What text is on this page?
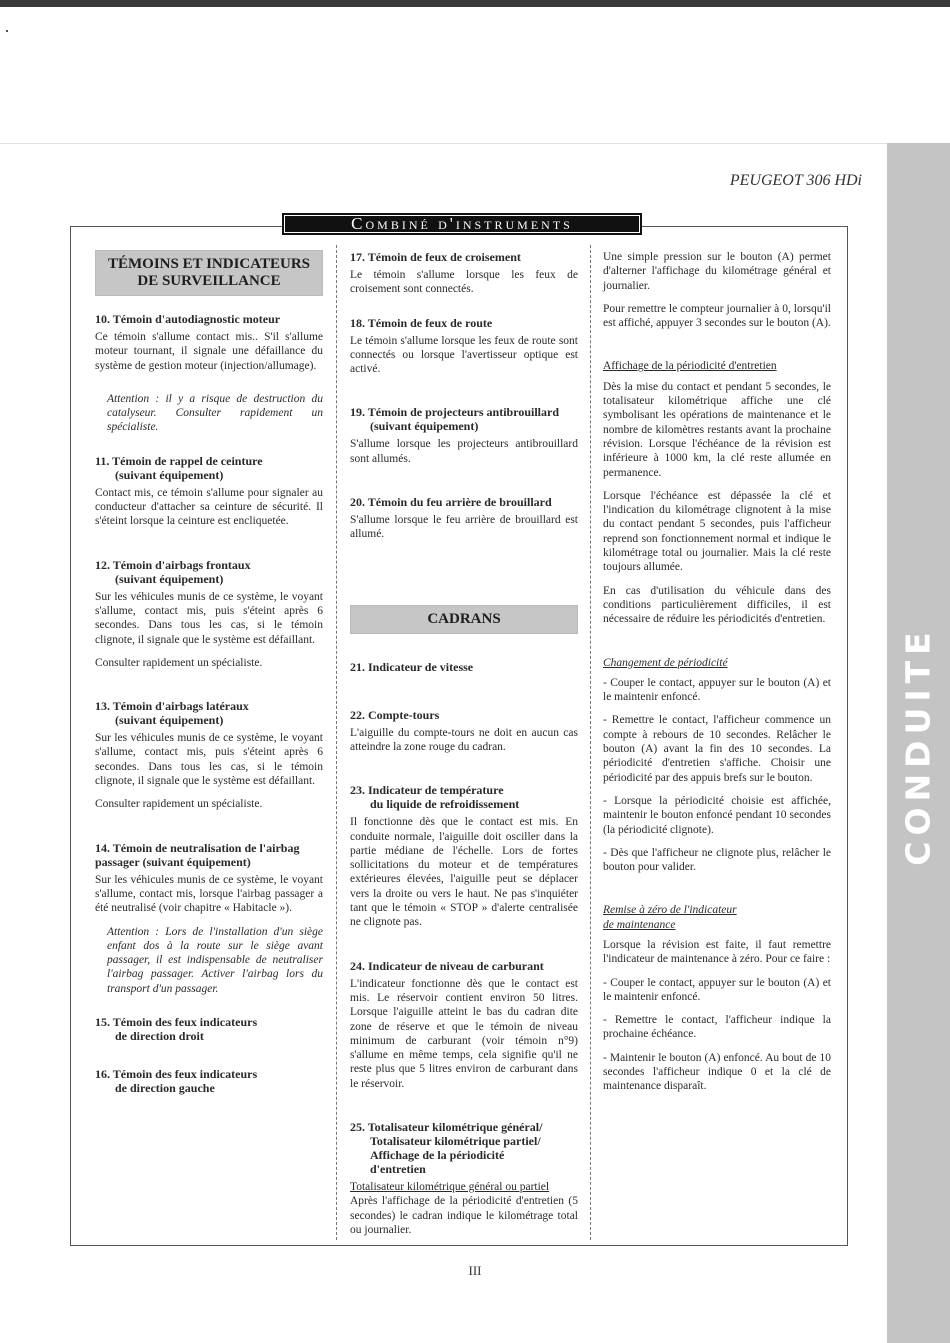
PEUGEOT 306 HDi
Combiné d'instruments
TÉMOINS ET INDICATEURS DE SURVEILLANCE
10. Témoin d'autodiagnostic moteur

Ce témoin s'allume contact mis.. S'il s'allume moteur tournant, il signale une défaillance du système de gestion moteur (injection/allumage).

Attention : il y a risque de destruction du catalyseur. Consulter rapidement un spécialiste.

11. Témoin de rappel de ceinture
(suivant équipement)

Contact mis, ce témoin s'allume pour signaler au conducteur d'attacher sa ceinture de sécurité. Il s'éteint lorsque la ceinture est encliquetée.

12. Témoin d'airbags frontaux
(suivant équipement)

Sur les véhicules munis de ce système, le voyant s'allume, contact mis, puis s'éteint après 6 secondes. Dans tous les cas, si le témoin clignote, il signale que le système est défaillant.

Consulter rapidement un spécialiste.

13. Témoin d'airbags latéraux
(suivant équipement)

Sur les véhicules munis de ce système, le voyant s'allume, contact mis, puis s'éteint après 6 secondes. Dans tous les cas, si le témoin clignote, il signale que le système est défaillant.

Consulter rapidement un spécialiste.

14. Témoin de neutralisation de l'airbag passager (suivant équipement)

Sur les véhicules munis de ce système, le voyant s'allume, contact mis, lorsque l'airbag passager a été neutralisé (voir chapitre « Habitacle »).

Attention : Lors de l'installation d'un siège enfant dos à la route sur le siège avant passager, il est indispensable de neutraliser l'airbag passager. Activer l'airbag lors du transport d'un passager.

15. Témoin des feux indicateurs
de direction droit
16. Témoin des feux indicateurs
de direction gauche
17. Témoin de feux de croisement

Le témoin s'allume lorsque les feux de croisement sont connectés.

18. Témoin de feux de route

Le témoin s'allume lorsque les feux de route sont connectés ou lorsque l'avertisseur optique est activé.

19. Témoin de projecteurs antibrouillard
(suivant équipement)

S'allume lorsque les projecteurs antibrouillard sont allumés.

20. Témoin du feu arrière de brouillard

S'allume lorsque le feu arrière de brouillard est allumé.

CADRANS
21. Indicateur de vitesse
22. Compte-tours

L'aiguille du compte-tours ne doit en aucun cas atteindre la zone rouge du cadran.

23. Indicateur de température
du liquide de refroidissement

Il fonctionne dès que le contact est mis. En conduite normale, l'aiguille doit osciller dans la partie médiane de l'échelle. Lors de fortes sollicitations du moteur et de températures extérieures élevées, l'aiguille peut se déplacer vers la droite ou vers le haut. Ne pas s'inquiéter tant que le témoin « STOP » d'alerte centralisée ne clignote pas.

24. Indicateur de niveau de carburant

L'indicateur fonctionne dès que le contact est mis. Le réservoir contient environ 50 litres. Lorsque l'aiguille atteint le bas du cadran dite zone de réserve et que le témoin de niveau minimum de carburant (voir témoin n°9) s'allume en même temps, cela signifie qu'il ne reste plus que 5 litres environ de carburant dans le réservoir.

25. Totalisateur kilométrique général/
Totalisateur kilométrique partiel/
Affichage de la périodicité
d'entretien

Totalisateur kilométrique général ou partiel

Après l'affichage de la périodicité d'entretien (5 secondes) le cadran indique le kilométrage total ou journalier.

Une simple pression sur le bouton (A) permet d'alterner l'affichage du kilométrage général et journalier.

Pour remettre le compteur journalier à 0, lorsqu'il est affiché, appuyer 3 secondes sur le bouton (A).

Affichage de la périodicité d'entretien

Dès la mise du contact et pendant 5 secondes, le totalisateur kilométrique affiche une clé symbolisant les opérations de maintenance et le nombre de kilomètres restants avant la prochaine révision. Lorsque l'échéance de la révision est inférieure à 1000 km, la clé reste allumée en permanence.

Lorsque l'échéance est dépassée la clé et l'indication du kilométrage clignotent à la mise du contact pendant 5 secondes, puis l'afficheur reprend son fonctionnement normal et indique le kilométrage total ou journalier. Mais la clé reste toujours allumée.

En cas d'utilisation du véhicule dans des conditions particulièrement difficiles, il est nécessaire de réduire les périodicités d'entretien.

Changement de périodicité

- Couper le contact, appuyer sur le bouton (A) et le maintenir enfoncé.

- Remettre le contact, l'afficheur commence un compte à rebours de 10 secondes. Relâcher le bouton (A) avant la fin des 10 secondes. La périodicité d'entretien s'affiche. Choisir une périodicité par des appuis brefs sur le bouton.

- Lorsque la périodicité choisie est affichée, maintenir le bouton enfoncé pendant 10 secondes (la périodicité clignote).

- Dès que l'afficheur ne clignote plus, relâcher le bouton pour valider.

Remise à zéro de l'indicateur
de maintenance

Lorsque la révision est faite, il faut remettre l'indicateur de maintenance à zéro. Pour ce faire :

- Couper le contact, appuyer sur le bouton (A) et le maintenir enfoncé.

- Remettre le contact, l'afficheur indique la prochaine échéance.

- Maintenir le bouton (A) enfoncé. Au bout de 10 secondes l'afficheur indique 0 et la clé de maintenance disparaît.

CONDUITE
III
